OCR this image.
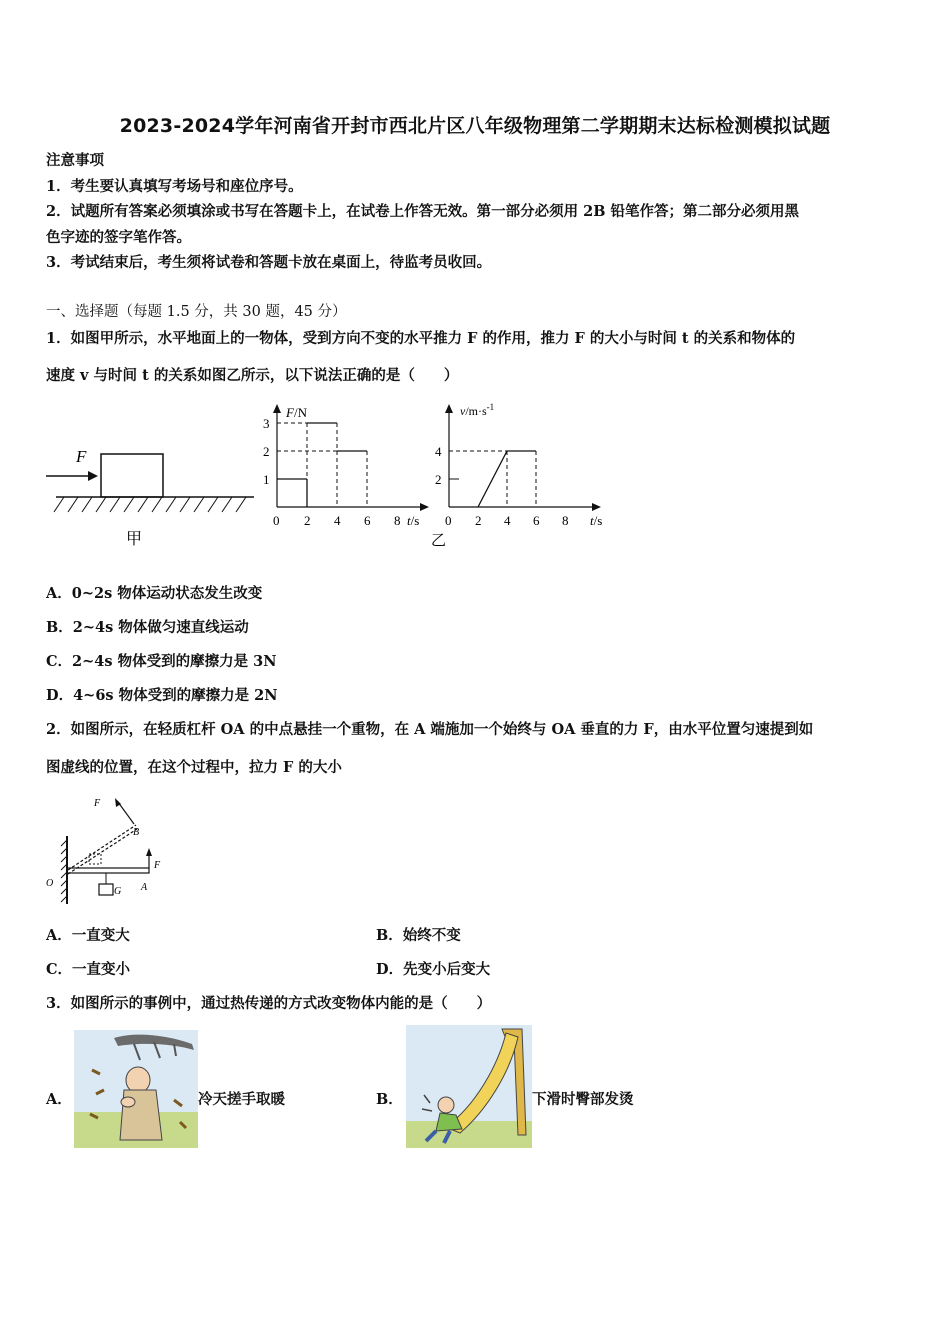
2023-2024学年河南省开封市西北片区八年级物理第二学期期末达标检测模拟试题
注意事项
1．考生要认真填写考场号和座位序号。
2．试题所有答案必须填涂或书写在答题卡上，在试卷上作答无效。第一部分必须用 2B 铅笔作答；第二部分必须用黑
色字迹的签字笔作答。
3．考试结束后，考生须将试卷和答题卡放在桌面上，待监考员收回。
一、选择题（每题 1.5 分，共 30 题，45 分）
1．如图甲所示，水平地面上的一物体，受到方向不变的水平推力 F 的作用，推力 F 的大小与时间 t 的关系和物体的
速度 v 与时间 t 的关系如图乙所示，以下说法正确的是（　　）
F
甲
F/N
t/s
0 2 4 6 8
1
2
3
$v/m\cdot s^{-1}$
t/s
0 2 4 6 8
2
4
乙
A．0~2s 物体运动状态发生改变
B．2~4s 物体做匀速直线运动
C．2~4s 物体受到的摩擦力是 3N
D．4~6s 物体受到的摩擦力是 2N
2．如图所示，在轻质杠杆 OA 的中点悬挂一个重物，在 A 端施加一个始终与 OA 垂直的力 F，由水平位置匀速提到如
图虚线的位置，在这个过程中，拉力 F 的大小
F
B
F
O
G A
A．一直变大	B．始终不变
C．一直变小	D．先变小后变大
3．如图所示的事例中，通过热传递的方式改变物体内能的是（　　）
A．	冷天搓手取暖	B．	下滑时臀部发烫
